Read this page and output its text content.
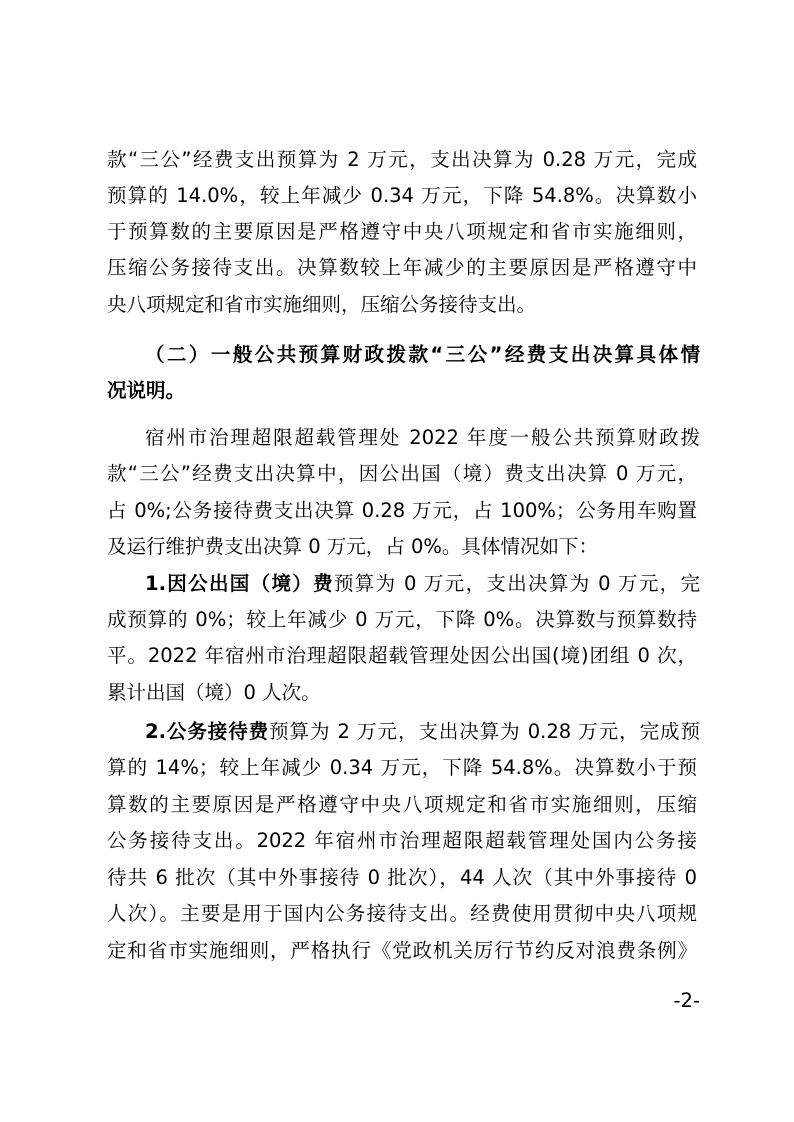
款“三公”经费支出预算为 2 万元，支出决算为 0.28 万元，完成
预算的 14.0%，较上年减少 0.34 万元，下降 54.8%。决算数小
于预算数的主要原因是严格遵守中央八项规定和省市实施细则，
压缩公务接待支出。决算数较上年减少的主要原因是严格遵守中
央八项规定和省市实施细则，压缩公务接待支出。
（二）一般公共预算财政拨款“三公”经费支出决算具体情
况说明。
宿州市治理超限超载管理处 2022 年度一般公共预算财政拨
款“三公”经费支出决算中，因公出国（境）费支出决算 0 万元，
占 0%;公务接待费支出决算 0.28 万元，占 100%；公务用车购置
及运行维护费支出决算 0 万元，占 0%。具体情况如下：
1.因公出国（境）费预算为 0 万元，支出决算为 0 万元，完
成预算的 0%；较上年减少 0 万元，下降 0%。决算数与预算数持
平。2022 年宿州市治理超限超载管理处因公出国(境)团组 0 次，
累计出国（境）0 人次。
2.公务接待费预算为 2 万元，支出决算为 0.28 万元，完成预
算的 14%；较上年减少 0.34 万元，下降 54.8%。决算数小于预
算数的主要原因是严格遵守中央八项规定和省市实施细则，压缩
公务接待支出。2022 年宿州市治理超限超载管理处国内公务接
待共 6 批次（其中外事接待 0 批次），44 人次（其中外事接待 0
人次）。主要是用于国内公务接待支出。经费使用贯彻中央八项规
定和省市实施细则，严格执行《党政机关厉行节约反对浪费条例》
-2-
